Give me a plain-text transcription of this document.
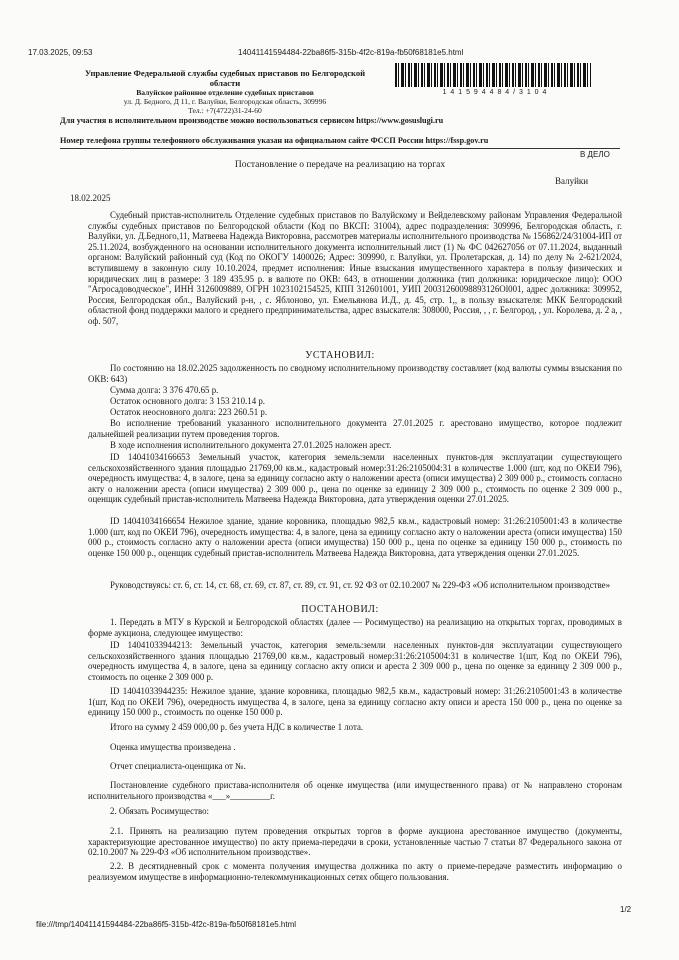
17.03.2025, 09:53	14041141594484-22ba86f5-315b-4f2c-819a-fb50f68181e5.html
Управление Федеральной службы судебных приставов по Белгородской
области
Валуйское районное отделение судебных приставов
ул. Д. Бедного, Д 11, г. Валуйки, Белгородская область, 309996
Тел.: +7(4722)31-24-60
1 4 1 5 9 4 4 8 4 / 3 1 0 4
Для участия в исполнительном производстве можно воспользоваться сервисом https://www.gosuslugi.ru
Номер телефона группы телефонного обслуживания указан на официальном сайте ФССП России https://fssp.gov.ru
В ДЕЛО
Постановление о передаче на реализацию на торгах
Валуйки
18.02.2025

Судебный пристав-исполнитель Отделение судебных приставов по Валуйскому и Вейделевскому районам Управления Федеральной службы судебных приставов по Белгородской области (Код по ВКСП: 31004), адрес подразделения: 309996, Белгородская область, г. Валуйки, ул. Д.Бедного,11, Матвеева Надежда Викторовна, рассмотрев материалы исполнительного производства № 156862/24/31004-ИП от 25.11.2024, возбужденного на основании исполнительного документа исполнительный лист (1) № ФС 042627056 от 07.11.2024, выданный органом: Валуйский районный суд (Код по ОКОГУ 1400026; Адрес: 309990, г. Валуйки, ул. Пролетарская, д. 14) по делу № 2-621/2024, вступившему в законную силу 10.10.2024, предмет исполнения: Иные взыскания имущественного характера в пользу физических и юридических лиц в размере: 3 189 435.95 р. в валюте по ОКВ: 643, в отношении должника (тип должника: юридическое лицо): ООО "Агросадоводческое", ИНН 3126009889, ОГРН 1023102154525, КПП 312601001, УИП 20031260098893126Ol001, адрес должника: 309952, Россия, Белгородская обл., Валуйский р-н, , с. Яблоново, ул. Емельянова И.Д., д. 45, стр. 1,, в пользу взыскателя: МКК Белгородский областной фонд поддержки малого и среднего предпринимательства, адрес взыскателя: 308000, Россия, , , г. Белгород, , ул. Королева, д. 2 а, , оф. 507,

УСТАНОВИЛ:

По состоянию на 18.02.2025 задолженность по сводному исполнительному производству составляет (код валюты суммы взыскания по ОКВ: 643)

Сумма долга: 3 376 470.65 р.

Остаток основного долга: 3 153 210.14 р.

Остаток неосновного долга: 223 260.51 р.

Во исполнение требований указанного исполнительного документа 27.01.2025 г. арестовано имущество, которое подлежит дальнейшей реализации путем проведения торгов.

В ходе исполнения исполнительного документа 27.01.2025 наложен арест.

ID 14041034166653 Земельный участок, категория земель:земли населенных пунктов-для эксплуатации существующего сельскохозяйственного здания площадью 21769,00 кв.м., кадастровый номер:31:26:2105004:31 в количестве 1.000 (шт, код по ОКЕИ 796), очередность имущества: 4, в залоге, цена за единицу согласно акту о наложении ареста (описи имущества) 2 309 000 р., стоимость согласно акту о наложении ареста (описи имущества) 2 309 000 р., цена по оценке за единицу 2 309 000 р., стоимость по оценке 2 309 000 р., оценщик судебный пристав-исполнитель Матвеева Надежда Викторовна, дата утверждения оценки 27.01.2025.

ID 14041034166654 Нежилое здание, здание коровника, площадью 982,5 кв.м., кадастровый номер: 31:26:2105001:43 в количестве 1.000 (шт, код по ОКЕИ 796), очередность имущества: 4, в залоге, цена за единицу согласно акту о наложении ареста (описи имущества) 150 000 р., стоимость согласно акту о наложении ареста (описи имущества) 150 000 р., цена по оценке за единицу 150 000 р., стоимость по оценке 150 000 р., оценщик судебный пристав-исполнитель Матвеева Надежда Викторовна, дата утверждения оценки 27.01.2025.

Руководствуясь: ст. 6, ст. 14, ст. 68, ст. 69, ст. 87, ст. 89, ст. 91, ст. 92 ФЗ от 02.10.2007 № 229-ФЗ «Об исполнительном производстве»

ПОСТАНОВИЛ:

1. Передать в МТУ в Курской и Белгородской областях (далее — Росимущество) на реализацию на открытых торгах, проводимых в форме аукциона, следующее имущество:

ID 14041033944213: Земельный участок, категория земель:земли населенных пунктов-для эксплуатации существующего сельскохозяйственного здания площадью 21769,00 кв.м., кадастровый номер:31:26:2105004:31 в количестве 1(шт, Код по ОКЕИ 796), очередность имущества 4, в залоге, цена за единицу согласно акту описи и ареста 2 309 000 р., цена по оценке за единицу 2 309 000 р., стоимость по оценке 2 309 000 р.

ID 14041033944235: Нежилое здание, здание коровника, площадью 982,5 кв.м., кадастровый номер: 31:26:2105001:43 в количестве 1(шт, Код по ОКЕИ 796), очередность имущества 4, в залоге, цена за единицу согласно акту описи и ареста 150 000 р., цена по оценке за единицу 150 000 р., стоимость по оценке 150 000 р.

Итого на сумму 2 459 000,00 р. без учета НДС в количестве 1 лота.

Оценка имущества произведена .

Отчет специалиста-оценщика от №.

Постановление судебного пристава-исполнителя об оценке имущества (или имущественного права) от № направлено сторонам исполнительного производства «___»_________г.

2. Обязать Росимущество:

2.1. Принять на реализацию путем проведения открытых торгов в форме аукциона арестованное имущество (документы, характеризующие арестованное имущество) по акту приема-передачи в сроки, установленные частью 7 статьи 87 Федерального закона от 02.10.2007 № 229-ФЗ «Об исполнительном производстве».

2.2. В десятидневный срок с момента получения имущества должника по акту о приеме-передаче разместить информацию о реализуемом имуществе в информационно-телекоммуникационных сетях общего пользования.

file:///tmp/14041141594484-22ba86f5-315b-4f2c-819a-fb50f68181e5.html
1/2
